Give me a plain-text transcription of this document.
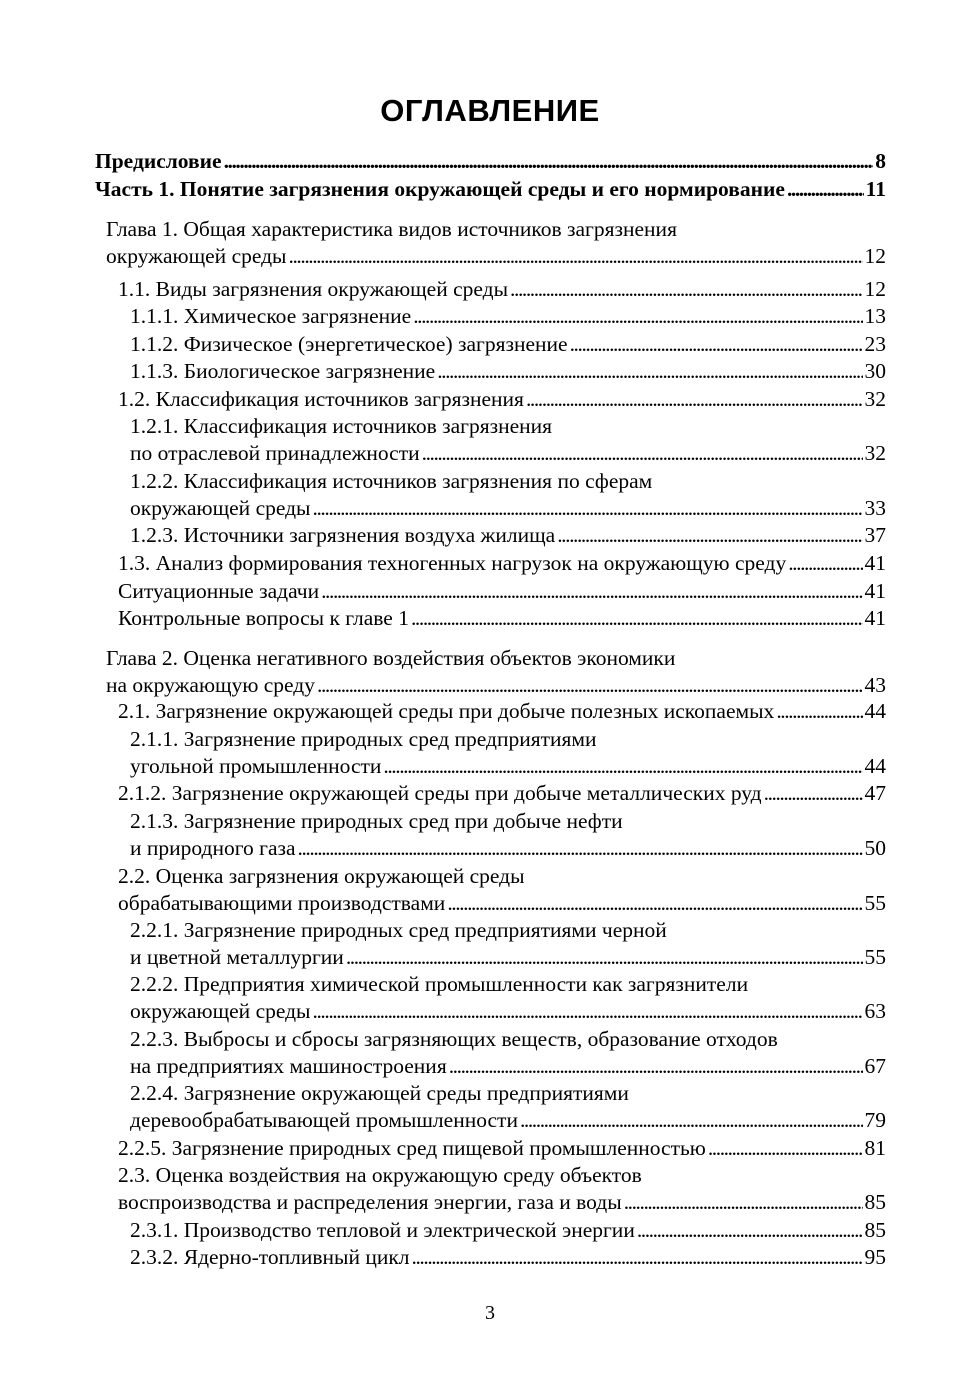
ОГЛАВЛЕНИЕ
Предисловие . . .	8
Часть 1. Понятие загрязнения окружающей среды и его нормирование . . .	11
Глава 1. Общая характеристика видов источников загрязнения
окружающей среды . . .	12
1.1. Виды загрязнения окружающей среды . . .	12
1.1.1. Химическое загрязнение . . .	13
1.1.2. Физическое (энергетическое) загрязнение . . .	23
1.1.3. Биологическое загрязнение . . .	30
1.2. Классификация источников загрязнения . . .	32
1.2.1. Классификация источников загрязнения
по отраслевой принадлежности . . .	32
1.2.2. Классификация источников загрязнения по сферам
окружающей среды . . .	33
1.2.3. Источники загрязнения воздуха жилища . . .	37
1.3. Анализ формирования техногенных нагрузок на окружающую среду . . .	41
Ситуационные задачи . . .	41
Контрольные вопросы к главе 1 . . .	41
Глава 2. Оценка негативного воздействия объектов экономики
на окружающую среду . . .	43
2.1. Загрязнение окружающей среды при добыче полезных ископаемых . . .	44
2.1.1. Загрязнение природных сред предприятиями
угольной промышленности . . .	44
2.1.2. Загрязнение окружающей среды при добыче металлических руд . . .	47
2.1.3. Загрязнение природных сред при добыче нефти
и природного газа . . .	50
2.2. Оценка загрязнения окружающей среды
обрабатывающими производствами . . .	55
2.2.1. Загрязнение природных сред предприятиями черной
и цветной металлургии . . .	55
2.2.2. Предприятия химической промышленности как загрязнители
окружающей среды . . .	63
2.2.3. Выбросы и сбросы загрязняющих веществ, образование отходов
на предприятиях машиностроения . . .	67
2.2.4. Загрязнение окружающей среды предприятиями
деревообрабатывающей промышленности . . .	79
2.2.5. Загрязнение природных сред пищевой промышленностью . . .	81
2.3. Оценка воздействия на окружающую среду объектов
воспроизводства и распределения энергии, газа и воды . . .	85
2.3.1. Производство тепловой и электрической энергии . . .	85
2.3.2. Ядерно-топливный цикл . . .	95
3
